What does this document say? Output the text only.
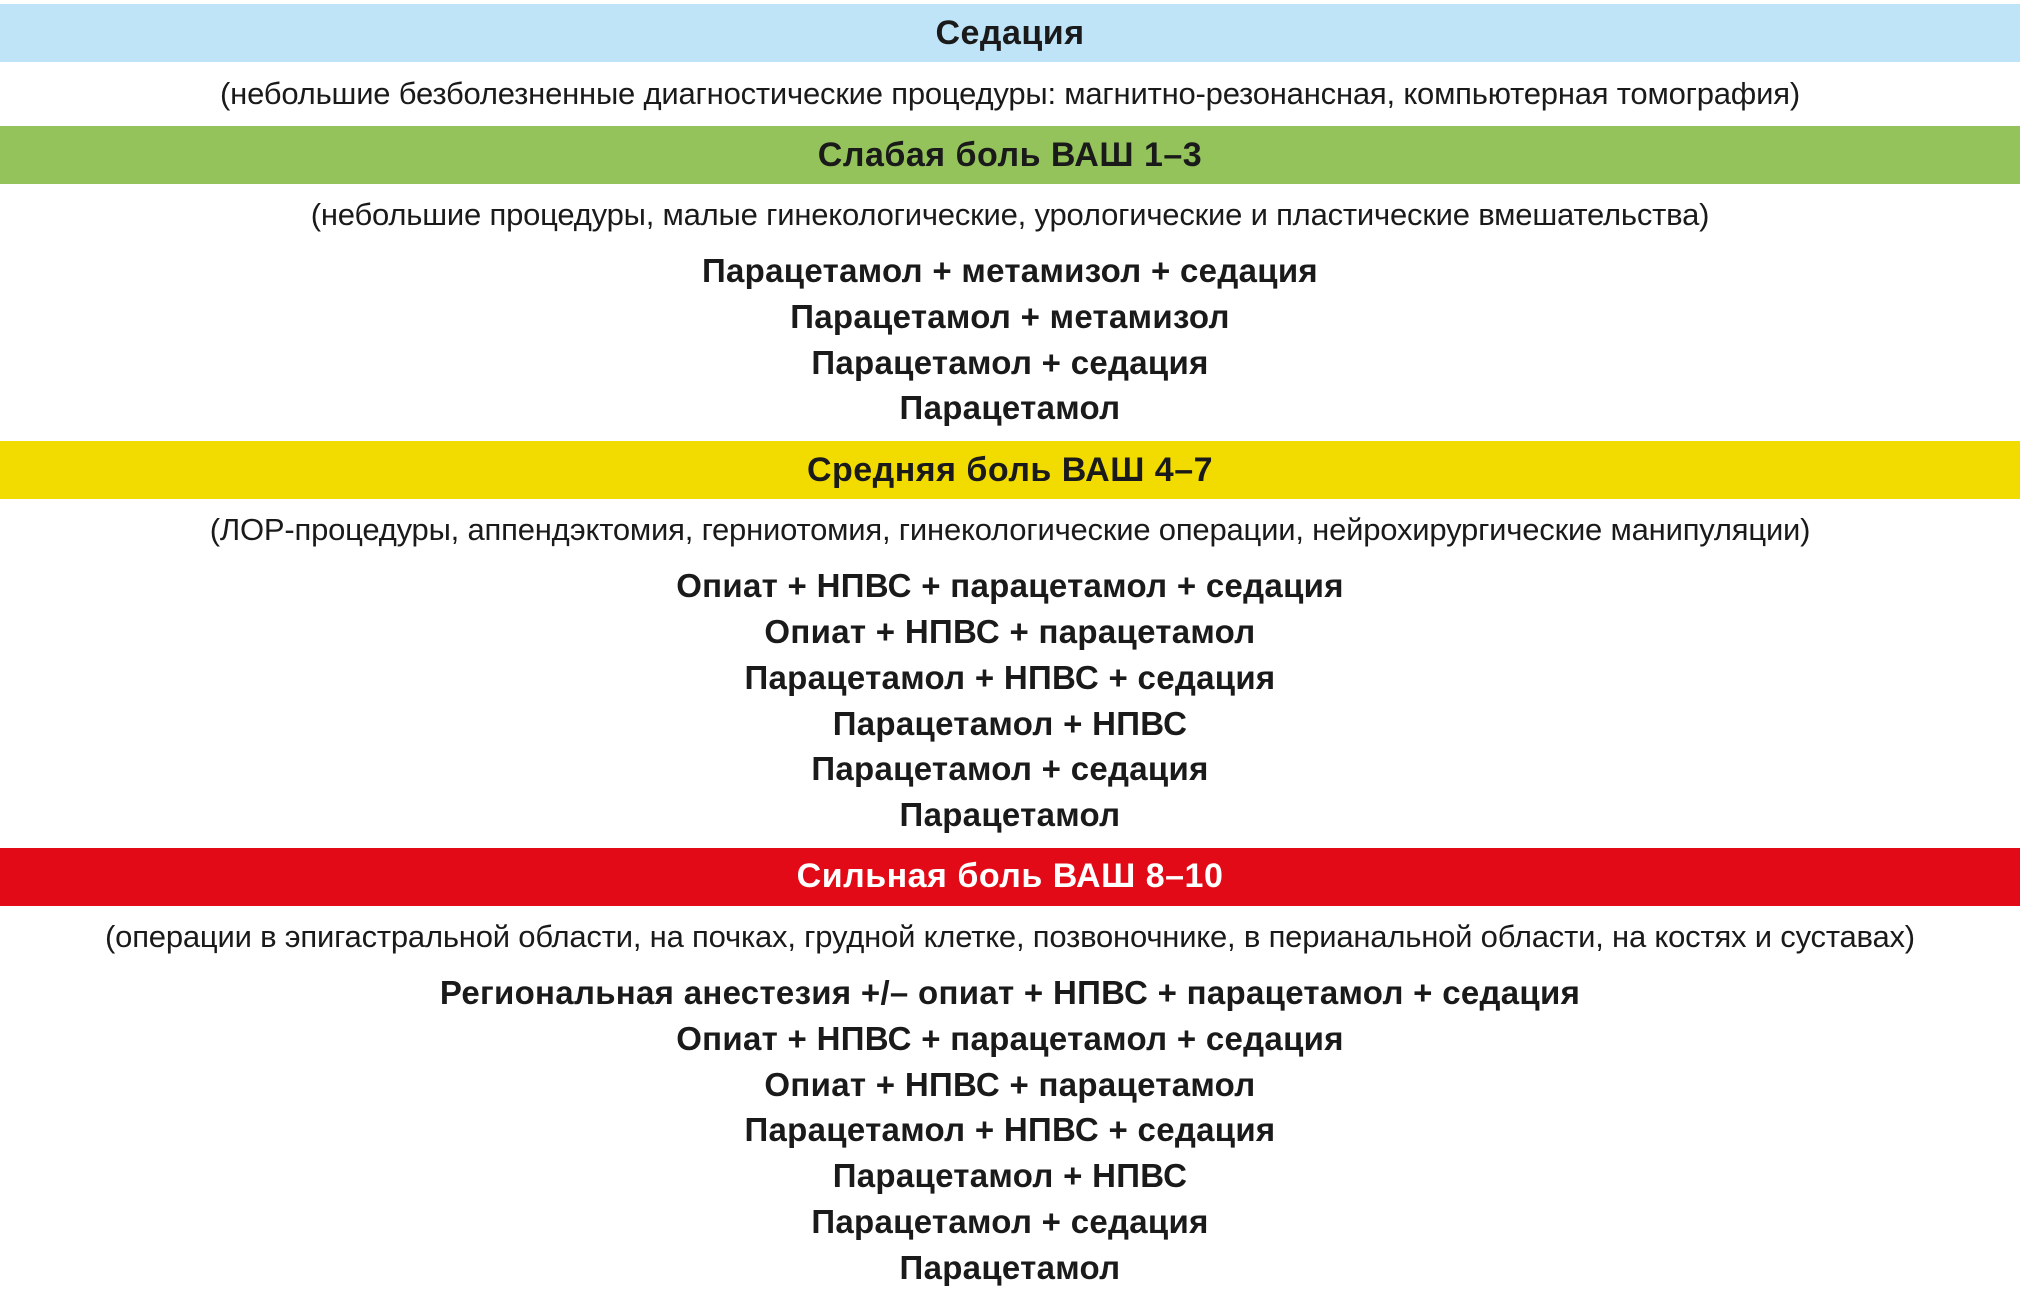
Седация
(небольшие безболезненные диагностические процедуры: магнитно-резонансная, компьютерная томография)
Слабая боль ВАШ 1–3
(небольшие процедуры, малые гинекологические, урологические и пластические вмешательства)
Парацетамол + метамизол + седация
Парацетамол + метамизол
Парацетамол + седация
Парацетамол
Средняя боль ВАШ 4–7
(ЛОР-процедуры, аппендэктомия, герниотомия, гинекологические операции, нейрохирургические манипуляции)
Опиат + НПВС + парацетамол + седация
Опиат + НПВС + парацетамол
Парацетамол + НПВС + седация
Парацетамол + НПВС
Парацетамол + седация
Парацетамол
Сильная боль ВАШ 8–10
(операции в эпигастральной области, на почках, грудной клетке, позвоночнике, в перианальной области, на костях и суставах)
Региональная анестезия +/– опиат + НПВС + парацетамол + седация
Опиат + НПВС + парацетамол + седация
Опиат + НПВС + парацетамол
Парацетамол + НПВС + седация
Парацетамол + НПВС
Парацетамол + седация
Парацетамол
